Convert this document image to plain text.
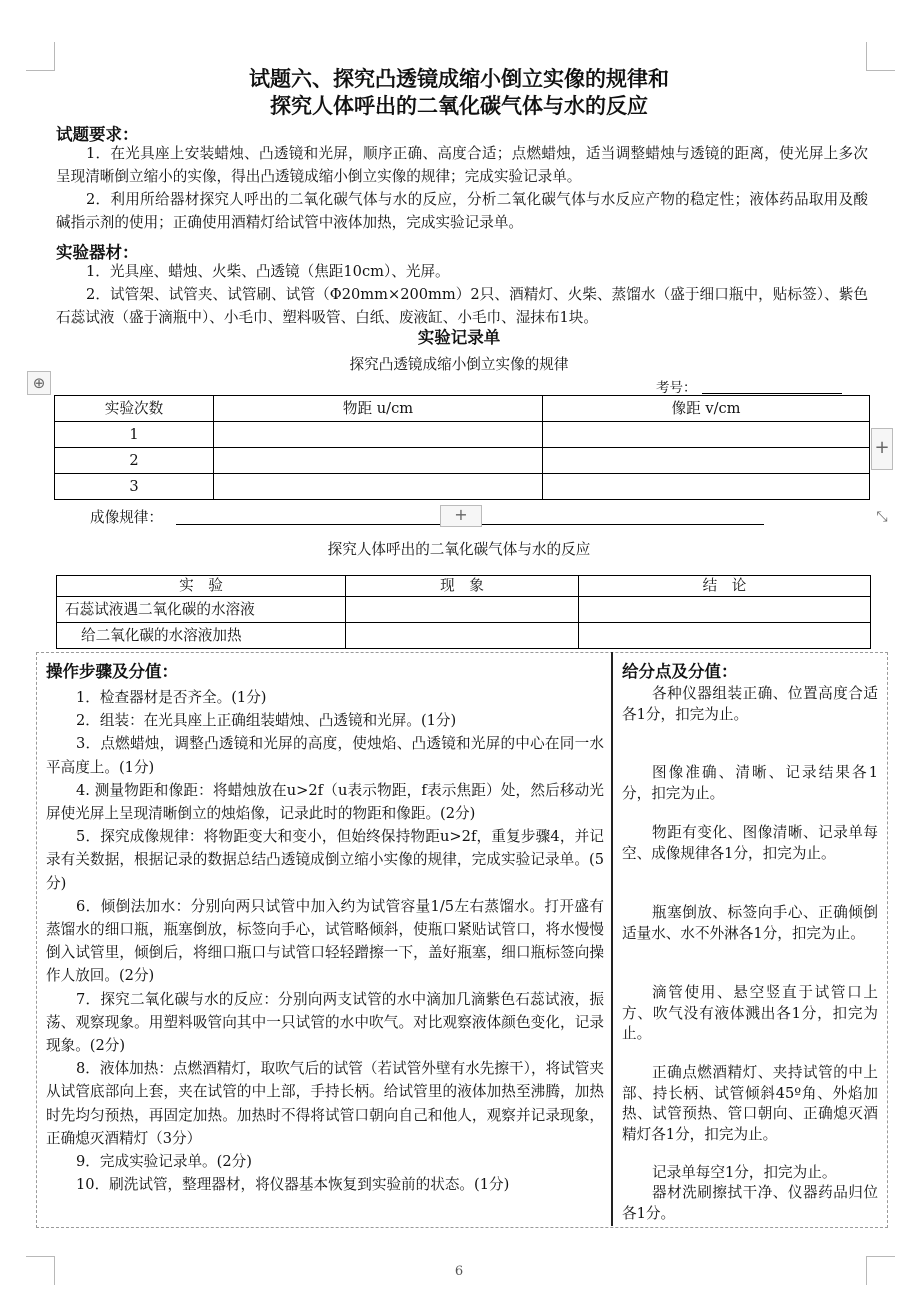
试题六、探究凸透镜成缩小倒立实像的规律和
探究人体呼出的二氧化碳气体与水的反应
试题要求：
1．在光具座上安装蜡烛、凸透镜和光屏，顺序正确、高度合适；点燃蜡烛，适当调整蜡烛与透镜的距离，使光屏上多次呈现清晰倒立缩小的实像，得出凸透镜成缩小倒立实像的规律；完成实验记录单。
2．利用所给器材探究人呼出的二氧化碳气体与水的反应，分析二氧化碳气体与水反应产物的稳定性；液体药品取用及酸碱指示剂的使用；正确使用酒精灯给试管中液体加热，完成实验记录单。
实验器材：
1．光具座、蜡烛、火柴、凸透镜（焦距10cm）、光屏。
2．试管架、试管夹、试管刷、试管（Φ20mm×200mm）2只、酒精灯、火柴、蒸馏水（盛于细口瓶中，贴标签）、紫色石蕊试液（盛于滴瓶中）、小毛巾、塑料吸管、白纸、废液缸、小毛巾、湿抹布1块。
实验记录单
探究凸透镜成缩小倒立实像的规律
⊕	考号：
实验次数	物距 u/cm	像距 v/cm
1		
2		
3		
+
成像规律：	+	⤡
探究人体呼出的二氧化碳气体与水的反应
实　验	现　象	结　论
石蕊试液遇二氧化碳的水溶液		
给二氧化碳的水溶液加热		
操作步骤及分值：

1．检查器材是否齐全。(1分)

2．组装：在光具座上正确组装蜡烛、凸透镜和光屏。(1分)

3．点燃蜡烛，调整凸透镜和光屏的高度，使烛焰、凸透镜和光屏的中心在同一水平高度上。(1分)

4. 测量物距和像距：将蜡烛放在u>2f（u表示物距，f表示焦距）处，然后移动光屏使光屏上呈现清晰倒立的烛焰像，记录此时的物距和像距。(2分)

5．探究成像规律：将物距变大和变小，但始终保持物距u>2f，重复步骤4，并记录有关数据，根据记录的数据总结凸透镜成倒立缩小实像的规律，完成实验记录单。(5分)

6．倾倒法加水：分别向两只试管中加入约为试管容量1/5左右蒸馏水。打开盛有蒸馏水的细口瓶，瓶塞倒放，标签向手心，试管略倾斜，使瓶口紧贴试管口，将水慢慢倒入试管里，倾倒后，将细口瓶口与试管口轻轻蹭擦一下，盖好瓶塞，细口瓶标签向操作人放回。(2分)

7．探究二氧化碳与水的反应：分别向两支试管的水中滴加几滴紫色石蕊试液，振荡、观察现象。用塑料吸管向其中一只试管的水中吹气。对比观察液体颜色变化，记录现象。(2分)

8．液体加热：点燃酒精灯，取吹气后的试管（若试管外壁有水先擦干），将试管夹从试管底部向上套，夹在试管的中上部，手持长柄。给试管里的液体加热至沸腾，加热时先均匀预热，再固定加热。加热时不得将试管口朝向自己和他人，观察并记录现象，正确熄灭酒精灯（3分）

9．完成实验记录单。(2分)

10．刷洗试管，整理器材，将仪器基本恢复到实验前的状态。(1分)

给分点及分值：

各种仪器组装正确、位置高度合适各1分，扣完为止。

图像准确、清晰、记录结果各1分，扣完为止。

物距有变化、图像清晰、记录单每空、成像规律各1分，扣完为止。

瓶塞倒放、标签向手心、正确倾倒适量水、水不外淋各1分，扣完为止。

滴管使用、悬空竖直于试管口上方、吹气没有液体溅出各1分，扣完为止。

正确点燃酒精灯、夹持试管的中上部、持长柄、试管倾斜45º角、外焰加热、试管预热、管口朝向、正确熄灭酒精灯各1分，扣完为止。

记录单每空1分，扣完为止。

器材洗刷擦拭干净、仪器药品归位各1分。

6
